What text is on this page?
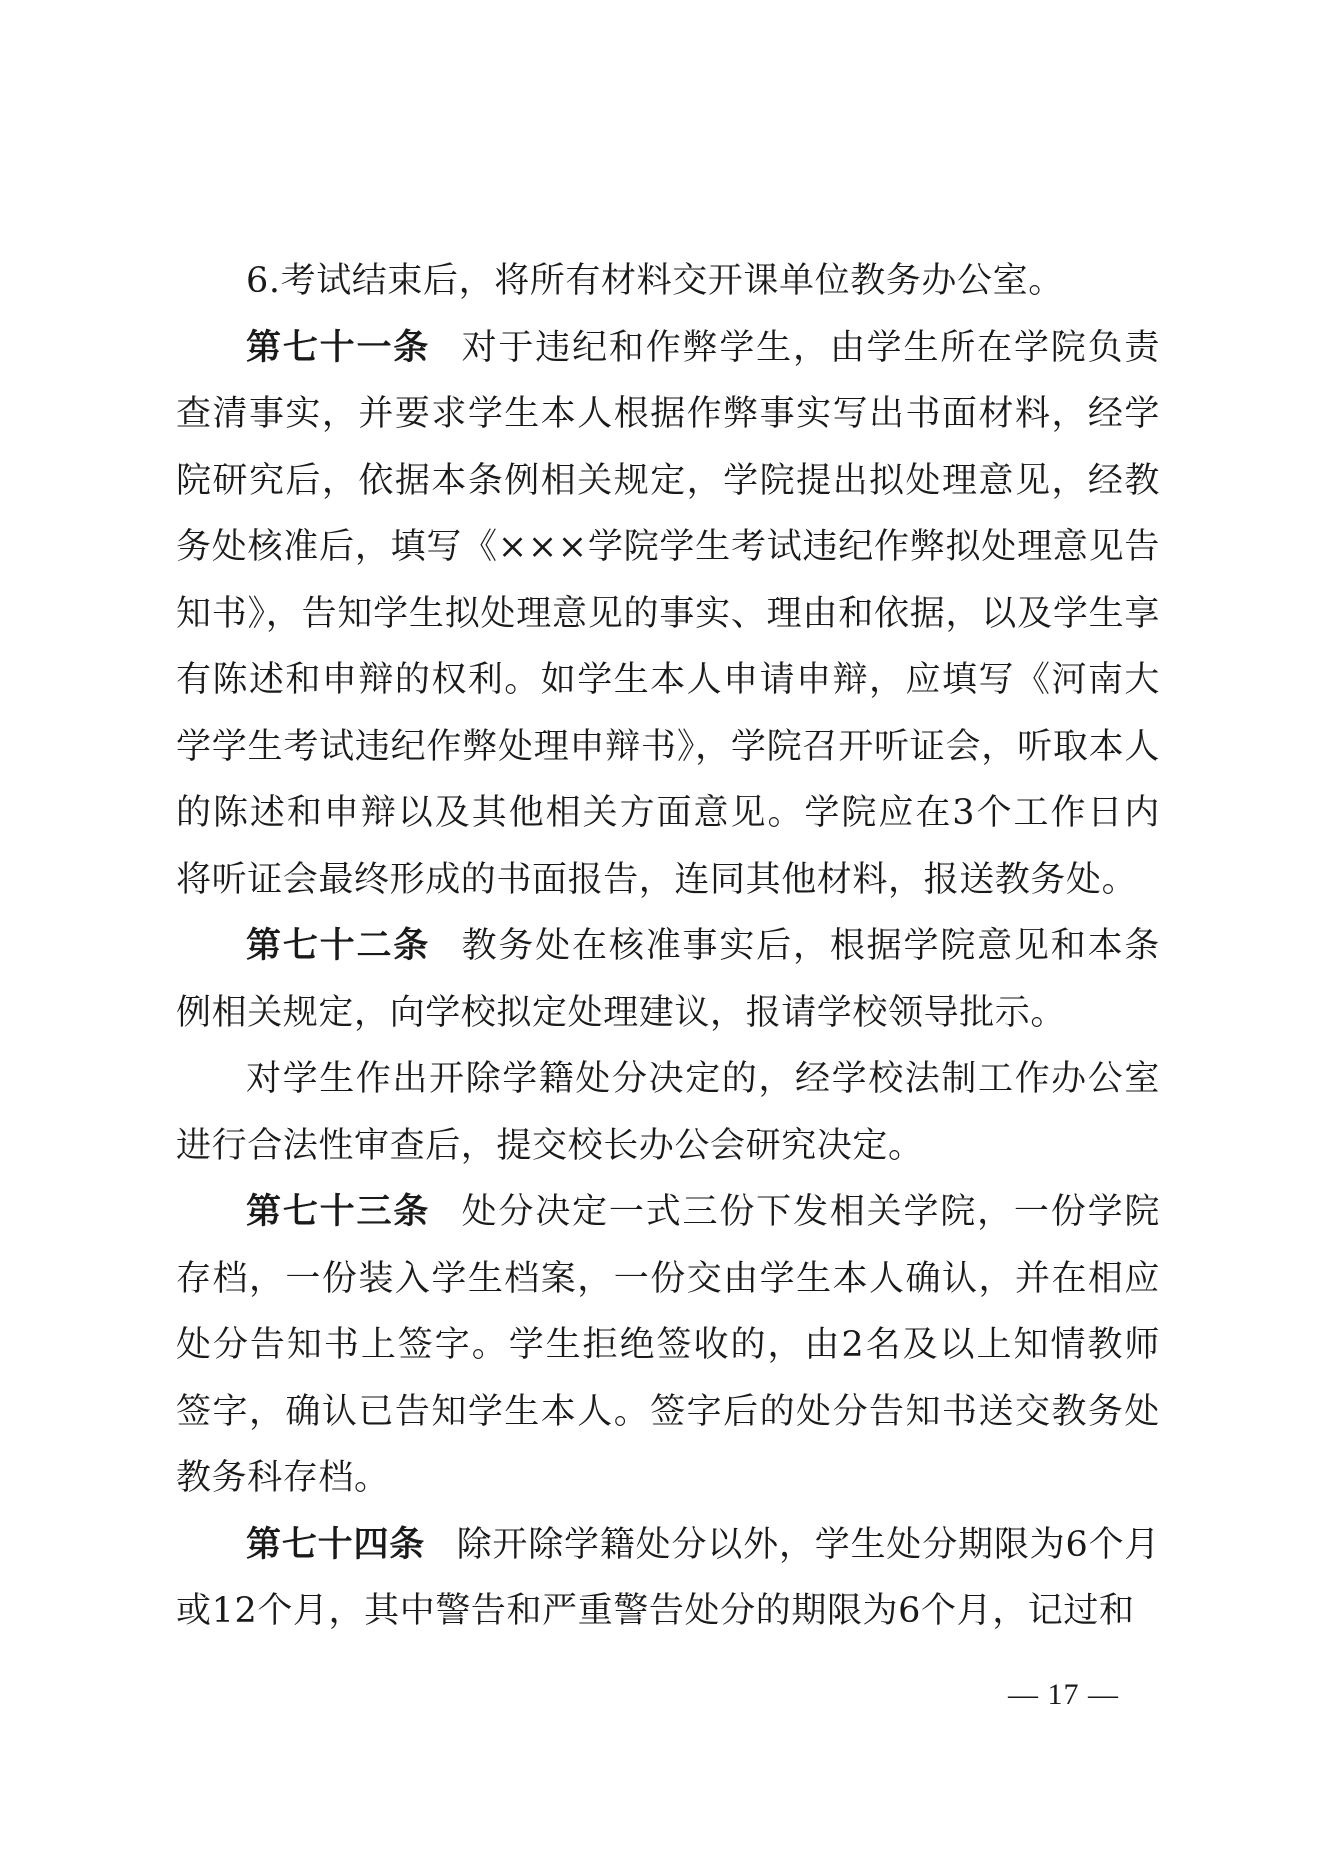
6.考试结束后，将所有材料交开课单位教务办公室。

第七十一条 对于违纪和作弊学生，由学生所在学院负责查清事实，并要求学生本人根据作弊事实写出书面材料，经学院研究后，依据本条例相关规定，学院提出拟处理意见，经教务处核准后，填写《×××学院学生考试违纪作弊拟处理意见告知书》，告知学生拟处理意见的事实、理由和依据，以及学生享有陈述和申辩的权利。如学生本人申请申辩，应填写《河南大学学生考试违纪作弊处理申辩书》，学院召开听证会，听取本人的陈述和申辩以及其他相关方面意见。学院应在3个工作日内将听证会最终形成的书面报告，连同其他材料，报送教务处。

第七十二条 教务处在核准事实后，根据学院意见和本条例相关规定，向学校拟定处理建议，报请学校领导批示。

对学生作出开除学籍处分决定的，经学校法制工作办公室进行合法性审查后，提交校长办公会研究决定。

第七十三条 处分决定一式三份下发相关学院，一份学院存档，一份装入学生档案，一份交由学生本人确认，并在相应处分告知书上签字。学生拒绝签收的，由2名及以上知情教师签字，确认已告知学生本人。签字后的处分告知书送交教务处教务科存档。

第七十四条 除开除学籍处分以外，学生处分期限为6个月或12个月，其中警告和严重警告处分的期限为6个月，记过和

— 17 —
